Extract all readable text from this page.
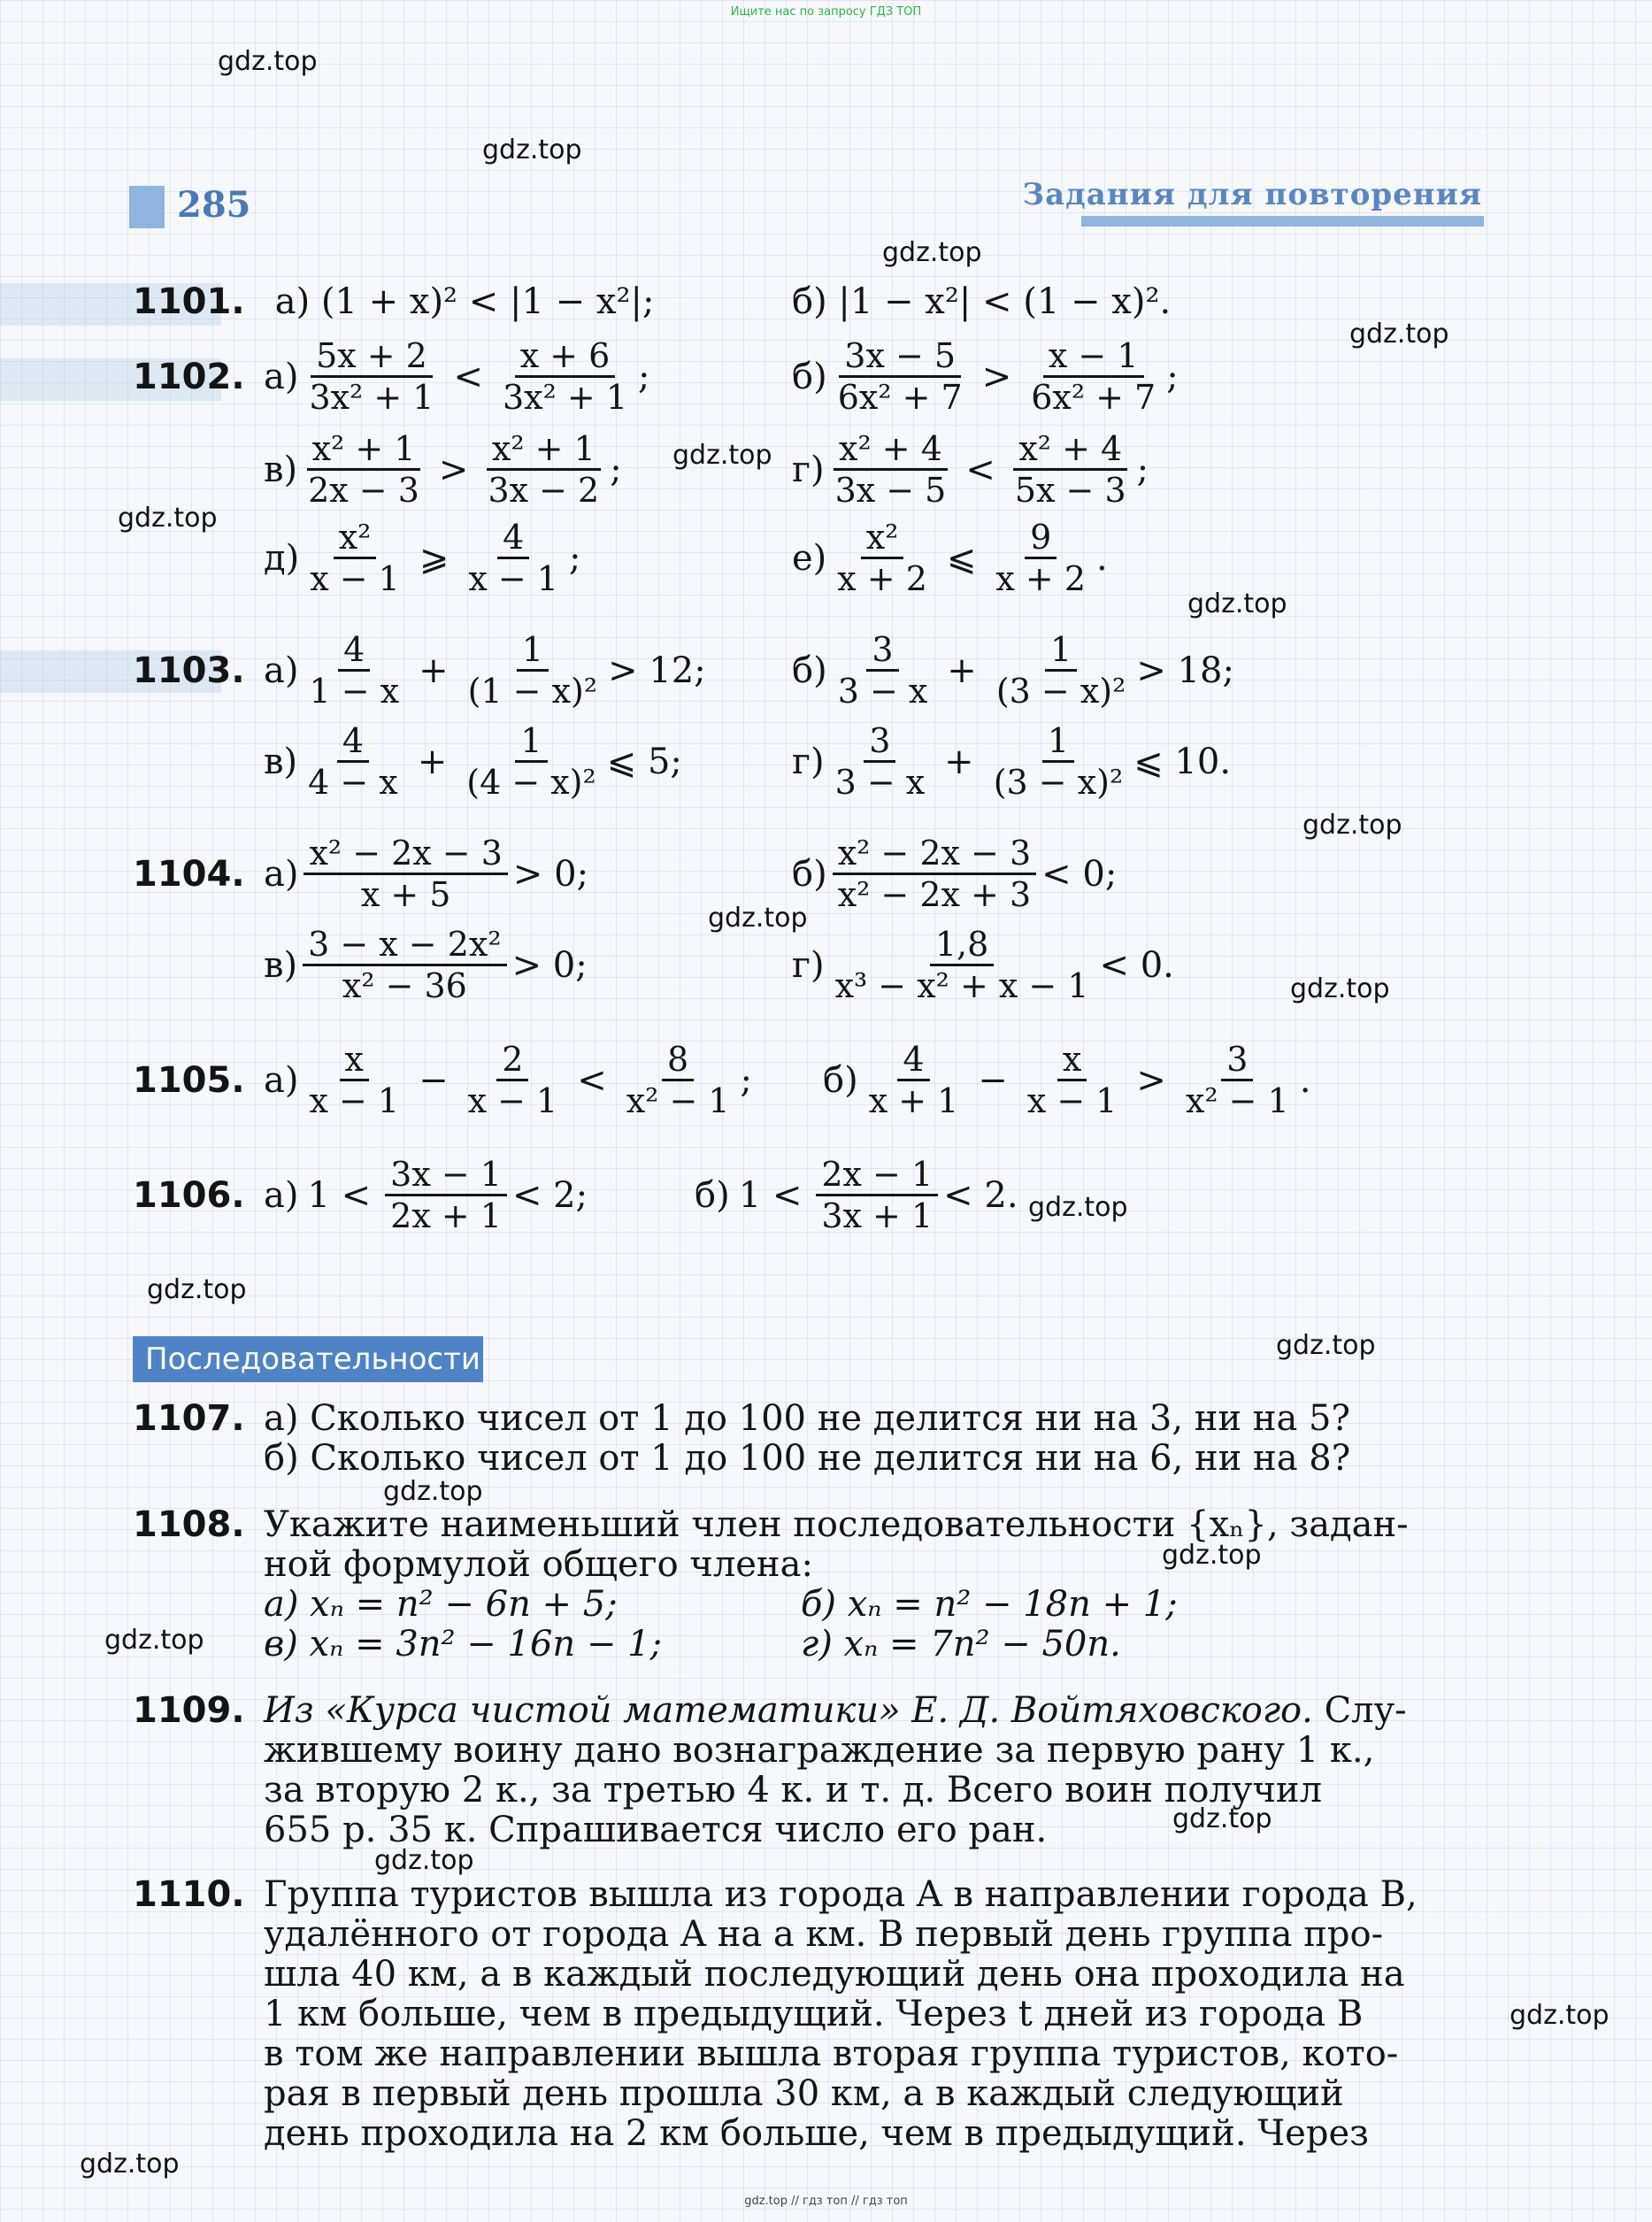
Ищите нас по запросу ГДЗ ТОП
285	Задания для повторения
1101. а) (1 + x)² < |1 − x²|;	б) |1 − x²| < (1 − x)².
1102. $а) \frac{5x + 2}{\text{3x² + 1}} < \frac{x + 6}{\text{3x² + 1}}$ ;	$б) \frac{3x - 5}{\text{6x² + 7}} > \frac{x - 1}{\text{6x² + 7}}$ ;
$в) \frac{\text{x² + 1}}{2x - 3} > \frac{\text{x² + 1}}{3x - 2}$ ;	$г) \frac{\text{x² + 4}}{3x - 5} < \frac{\text{x² + 4}}{5x - 3}$ ;
$д) \frac{\text{x²}}{x - 1}$ ⩾ $\frac{4}{x - 1}$ ;	$е) \frac{\text{x²}}{x + 2}$ ⩽ $\frac{9}{x + 2}$ .
1103. $а) \frac{4}{1 - x} + \frac{1}{\text{(1 − x)²}} > 12$; $б) \frac{3}{3 - x} + \frac{1}{\text{(3 − x)²}} > 18$;
$в) \frac{4}{4 - x} + \frac{1}{\text{(4 − x)²}}$ ⩽ 5;	$г) \frac{3}{3 - x} + \frac{1}{\text{(3 − x)²}}$ ⩽ 10.
1104. $а) \frac{\text{x² − 2x − 3}}{x + 5} > 0$;	$б) \frac{\text{x² − 2x − 3}}{\text{x² − 2x + 3}} < 0$;
$в) \frac{\text{3 − x − 2x²}}{\text{x² − 36}} > 0$;	$г) \frac{1,8}{\text{x³ − x² + x − 1}} < 0$.
1105. $а) \frac{x}{x - 1} - \frac{2}{x - 1} < \frac{8}{\text{x² − 1}}$ ; $б) \frac{4}{x + 1} - \frac{x}{x - 1} > \frac{3}{\text{x² − 1}}$ .
1106. а) $1 < \frac{3x - 1}{2x + 1} < 2$;	б) $1 < \frac{2x - 1}{3x + 1} < 2$.
Последовательности
1107. а) Сколько чисел от 1 до 100 не делится ни на 3, ни на 5?
б) Сколько чисел от 1 до 100 не делится ни на 6, ни на 8?
1108. Укажите наименьший член последовательности {xₙ}, задан-
ной формулой общего члена:
а) xₙ = n² − 6n + 5;	б) xₙ = n² − 18n + 1;
в) xₙ = 3n² − 16n − 1;	г) xₙ = 7n² − 50n.
1109. Из «Курса чистой математики» Е. Д. Войтяховского. Слу-
жившему воину дано вознаграждение за первую рану 1 к.,
за вторую 2 к., за третью 4 к. и т. д. Всего воин получил
655 р. 35 к. Спрашивается число его ран.
1110. Группа туристов вышла из города A в направлении города B,
удалённого от города A на a км. В первый день группа про-
шла 40 км, а в каждый последующий день она проходила на
1 км больше, чем в предыдущий. Через t дней из города B
в том же направлении вышла вторая группа туристов, кото-
рая в первый день прошла 30 км, а в каждый следующий
день проходила на 2 км больше, чем в предыдущий. Через
gdz.top
gdz.top
gdz.top
gdz.top
gdz.top
gdz.top
gdz.top
gdz.top
gdz.top
gdz.top
gdz.top
gdz.top
gdz.top
gdz.top
gdz.top
gdz.top
gdz.top
gdz.top
gdz.top
gdz.top
gdz.top // гдз топ // гдз топ
